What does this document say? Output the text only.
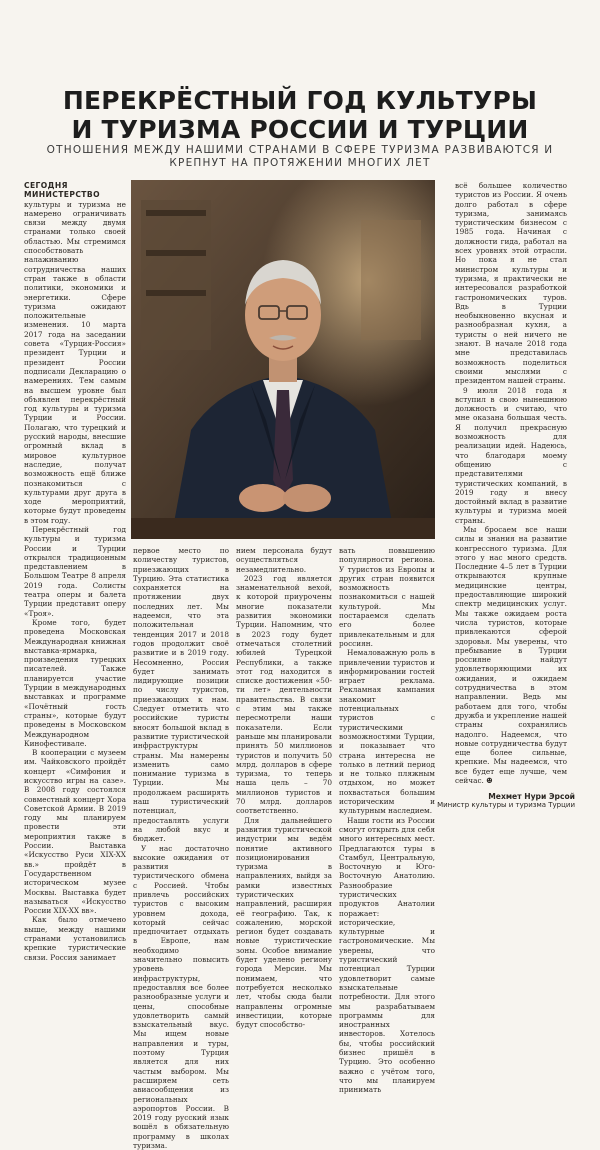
ПЕРЕКРЁСТНЫЙ ГОД КУЛЬТУРЫ
И ТУРИЗМА РОССИИ И ТУРЦИИ
ОТНОШЕНИЯ МЕЖДУ НАШИМИ СТРАНАМИ В СФЕРЕ ТУРИЗМА РАЗВИВАЮТСЯ И КРЕПНУТ НА ПРОТЯЖЕНИИ МНОГИХ ЛЕТ

СЕГОДНЯ МИНИСТЕРСТВО культуры и туризма не намерено ограничивать связи между двумя странами только своей областью. Мы стремимся способствовать налаживанию сотрудничества наших стран также в области политики, экономики и энергетики. Сфере туризма ожидают положительные изменения. 10 марта 2017 года на заседании совета «Турция-Россия» президент Турции и президент России подписали Декларацию о намерениях. Тем самым на высшем уровне был объявлен перекрёстный год культуры и туризма Турции и России. Полагаю, что турецкий и русский народы, внесшие огромный вклад в мировое культурное наследие, получат возможность ещё ближе познакомиться с культурами друг друга в ходе мероприятий, которые будут проведены в этом году.

Перекрёстный год культуры и туризма России и Турции открылся традиционным представлением в Большом Театре 8 апреля 2019 года. Солисты театра оперы и балета Турции представят оперу «Троя».

Кроме того, будет проведена Московская Международная книжная выставка-ярмарка, произведения турецких писателей. Также планируется участие Турции в международных выставках и программе «Почётный гость страны», которые будут проведены в Московском Международном Кинофестивале.

В кооперации с музеем им. Чайковского пройдёт концерт «Симфония и искусство игры на сазе». В 2008 году состоялся совместный концерт Хора Советской Армии. В 2019 году мы планируем провести эти мероприятия также в России. Выставка «Искусство Руси XIX-XX вв.» пройдёт в Государственном историческом музее Москвы. Выставка будет называться «Искусство России XIX-XX вв».

Как было отмечено выше, между нашими странами установились крепкие туристические связи. Россия занимает

первое место по количеству туристов, приезжающих в Турцию. Эта статистика сохраняется на протяжении двух последних лет. Мы надеемся, что эта положительная тенденция 2017 и 2018 годов продолжит своё развитие и в 2019 году. Несомненно, Россия будет занимать лидирующие позиции по числу туристов, приезжающих к нам. Следует отметить что российские туристы вносят большой вклад в развитие туристической инфраструктуры страны. Мы намерены изменить само понимание туризма в Турции. Мы продолжаем расширять наш туристический потенциал, предоставлять услуги на любой вкус и бюджет.

У нас достаточно высокие ожидания от развития туристического обмена с Россией. Чтобы привлечь российских туристов с высоким уровнем дохода, который сейчас предпочитает отдыхать в Европе, нам необходимо значительно повысить уровень инфраструктуры, предоставляя все более разнообразные услуги и цены, способные удовлетворить самый взыскательный вкус. Мы ищем новые направления и туры, поэтому Турция является для них частым выбором. Мы расширяем сеть авиасообщения из региональных аэропортов России. В 2019 году русский язык вошёл в обязательную программу в школах туризма.

нием персонала будут осуществляться незамедлительно.

2023 год является знаменательной вехой, к которой приурочены многие показатели развития экономики Турции. Напомним, что в 2023 году будет отмечаться столетний юбилей Турецкой Республики, а также этот год находится в списке достижения «50-ти лет» деятельности правительства. В связи с этим мы также пересмотрели наши показатели. Если раньше мы планировали принять 50 миллионов туристов и получить 50 млрд. долларов в сфере туризма, то теперь наша цель – 70 миллионов туристов и 70 млрд. долларов соответственно.

Для дальнейшего развития туристической индустрии мы ведём понятие активного позиционирования туризма в направлениях, выйдя за рамки известных туристических направлений, расширяя её географию. Так, к сожалению, морской регион будет создавать новые туристические зоны. Особое внимание будет уделено региону города Мерсин. Мы понимаем, что потребуется несколько лет, чтобы сюда были направлены огромные инвестиции, которые будут способство-

вать повышению популярности региона. У туристов из Европы и других стран появится возможность познакомиться с нашей культурой. Мы постараемся сделать его более привлекательным и для россиян.

Немаловажную роль в привлечении туристов и информировании гостей играет реклама. Рекламная кампания знакомит потенциальных туристов с туристическими возможностями Турции, и показывает что страна интересна не только в летний период и не только пляжным отдыхом, но может похвастаться большим историческим и культурным наследием.

Наши гости из России смогут открыть для себя много интересных мест. Предлагаются туры в Стамбул, Центральную, Восточную и Юго-Восточную Анатолию. Разнообразие туристических продуктов Анатолии поражает: исторические, культурные и гастрономические. Мы уверены, что туристический потенциал Турции удовлетворит самые взыскательные потребности. Для этого мы разрабатываем программы для иностранных инвесторов. Хотелось бы, чтобы российский бизнес пришёл в Турцию. Это особенно важно с учётом того, что мы планируем принимать

всё большее количество туристов из России. Я очень долго работал в сфере туризма, занимаясь туристическим бизнесом с 1985 года. Начиная с должности гида, работал на всех уровнях этой отрасли. Но пока я не стал министром культуры и туризма, я практически не интересовался разработкой гастрономических туров. Вдь в Турции необыкновенно вкусная и разнообразная кухня, а туристы о ней ничего не знают. В начале 2018 года мне представилась возможность поделиться своими мыслями с президентом нашей страны.

9 июля 2018 года я вступил в свою нынешнюю должность и считаю, что мне оказана большая честь. Я получил прекрасную возможность для реализации идей. Надеюсь, что благодаря моему общению с представителями туристических компаний, в 2019 году я внесу достойный вклад в развитие культуры и туризма моей страны.

Мы бросаем все наши силы и знания на развитие конгрессного туризма. Для этого у нас много средств. Последние 4–5 лет в Турции открываются крупные медицинские центры, предоставляющие широкий спектр медицинских услуг. Мы также ожидаем роста числа туристов, которые привлекаются сферой здоровья. Мы уверены, что пребывание в Турции россияне найдут удовлетворяющими их ожидания, и ожидаем сотрудничества в этом направлении. Ведь мы работаем для того, чтобы дружба и укрепление нашей страны сохранялись надолго. Надеемся, что новые сотрудничества будут еще более сильные, крепкие. Мы надеемся, что все будет еще лучше, чем сейчас. ☻

Мехмет Нури Эрсой
Министр культуры и туризма Турции
